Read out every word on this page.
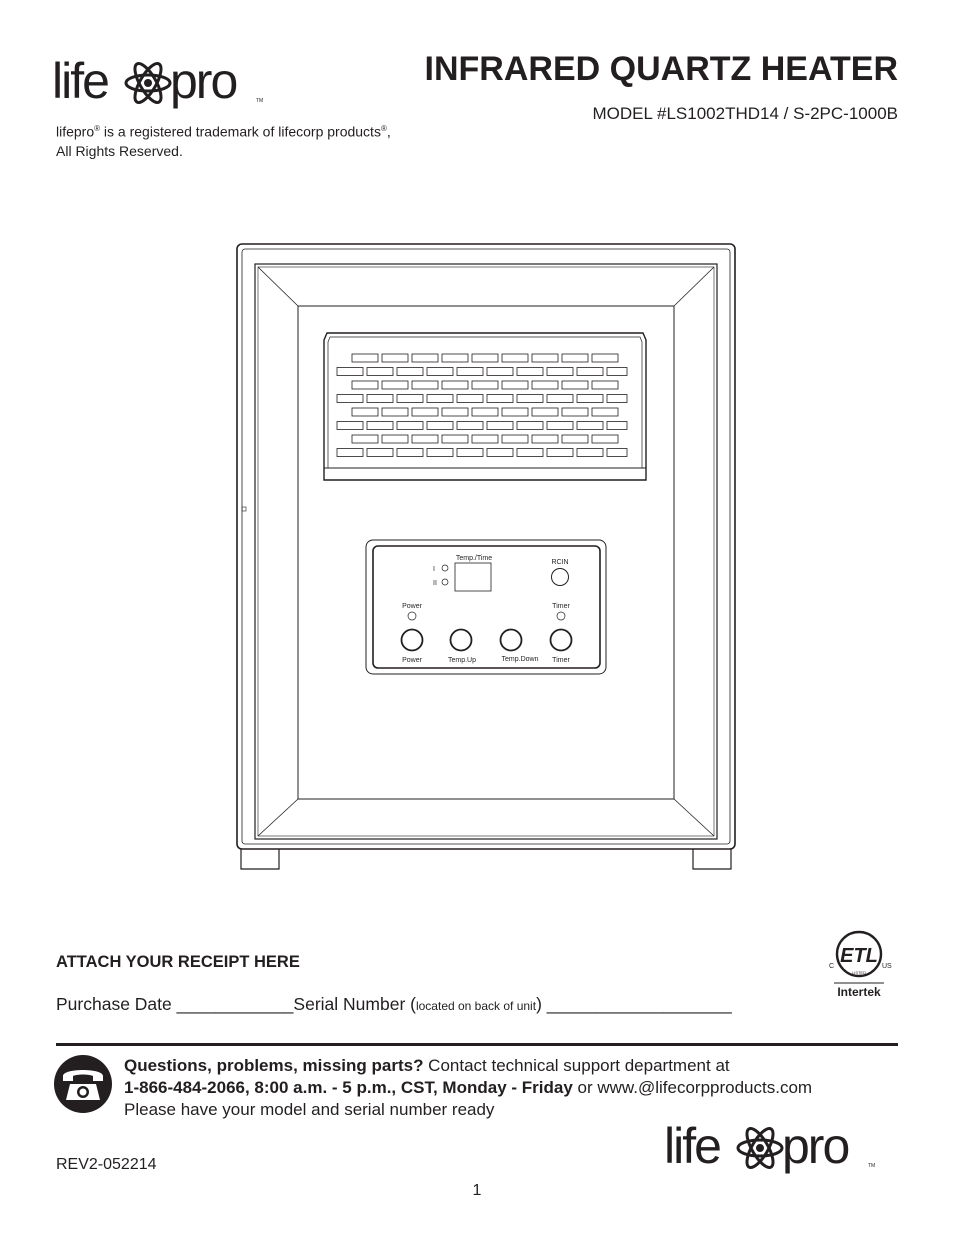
life pro	TM
INFRARED QUARTZ HEATER
MODEL #LS1002THD14 / S-2PC-1000B
lifepro® is a registered trademark of lifecorp products®,
All Rights Reserved.
Temp./Time
RCIN
I
II
Power	Timer
Power	Temp.Up	Temp.Down Timer
ATTACH YOUR RECEIPT HERE
Purchase Date ____________Serial Number (located on back of unit) ___________________
ETL
C	US
LISTED
Intertek
Questions, problems, missing parts? Contact technical support department at
1-866-484-2066, 8:00 a.m. - 5 p.m., CST, Monday - Friday or www.@lifecorpproducts.com
Please have your model and serial number ready
REV2-052214
1
life pro	TM
